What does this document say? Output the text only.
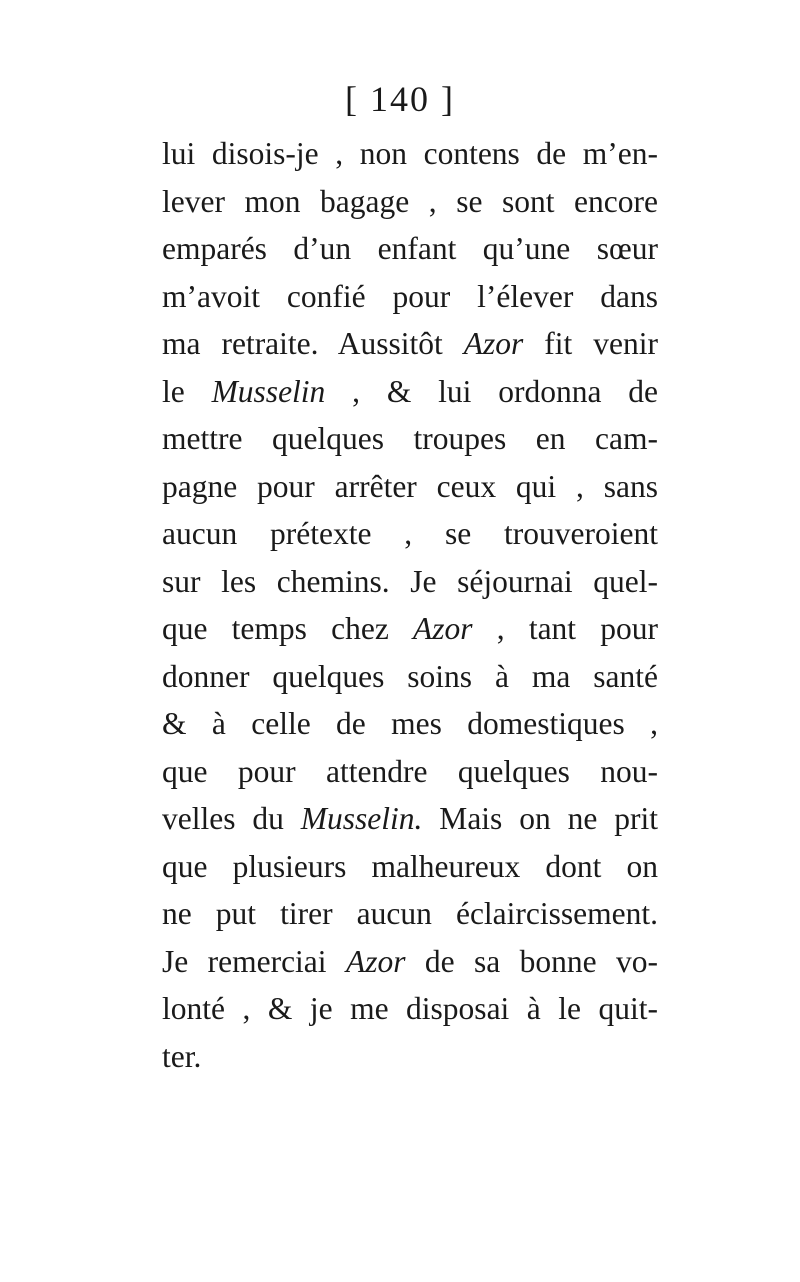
[ 140 ]
lui disois-je , non contens de m’en-
lever mon bagage , se sont encore
emparés d’un enfant qu’une sœur
m’avoit confié pour l’élever dans
ma retraite. Aussitôt Azor fit venir
le Musselin , & lui ordonna de
mettre quelques troupes en cam-
pagne pour arrêter ceux qui , sans
aucun prétexte , se trouveroient
sur les chemins. Je séjournai quel-
que temps chez Azor , tant pour
donner quelques soins à ma santé
& à celle de mes domestiques ,
que pour attendre quelques nou-
velles du Musselin. Mais on ne prit
que plusieurs malheureux dont on
ne put tirer aucun éclaircissement.
Je remerciai Azor de sa bonne vo-
lonté , & je me disposai à le quit-
ter.
